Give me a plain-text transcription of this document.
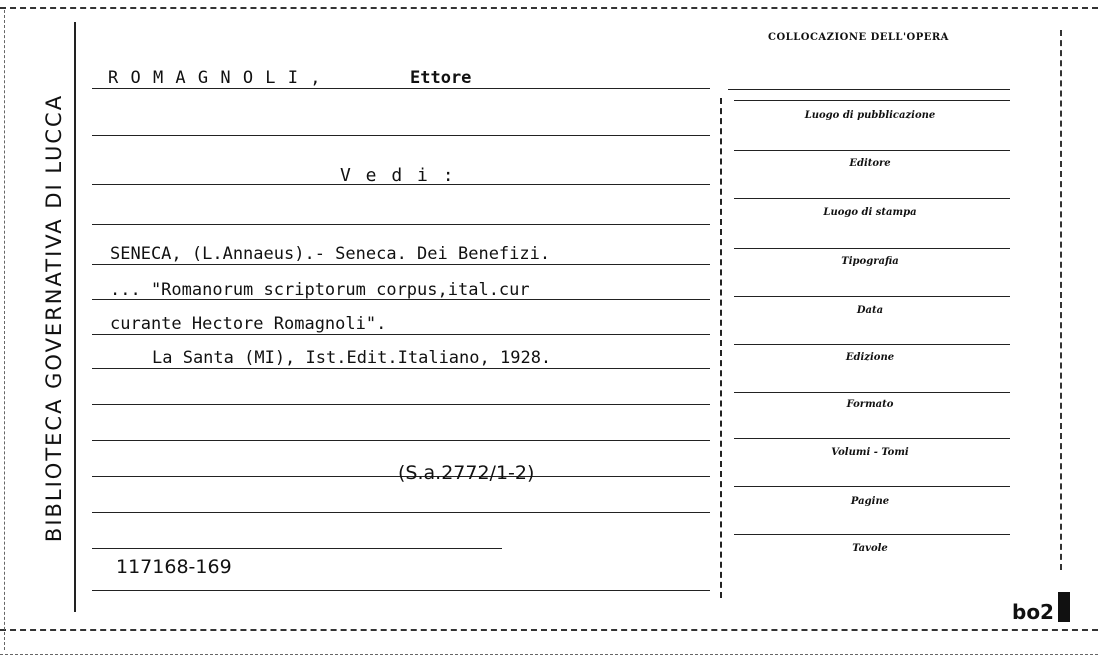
BIBLIOTECA GOVERNATIVA DI LUCCA
COLLOCAZIONE DELL'OPERA
R O M A G N O L I ,	Ettore
V e d i :
SENECA, (L.Annaeus).- Seneca. Dei Benefizi.
... "Romanorum scriptorum corpus,ital.cur
curante Hectore Romagnoli".
La Santa (MI), Ist.Edit.Italiano, 1928.
(S.a.2772/1-2)
117168-169
Luogo di pubblicazione
Editore
Luogo di stampa
Tipografia
Data
Edizione
Formato
Volumi - Tomi
Pagine
Tavole
bo2
